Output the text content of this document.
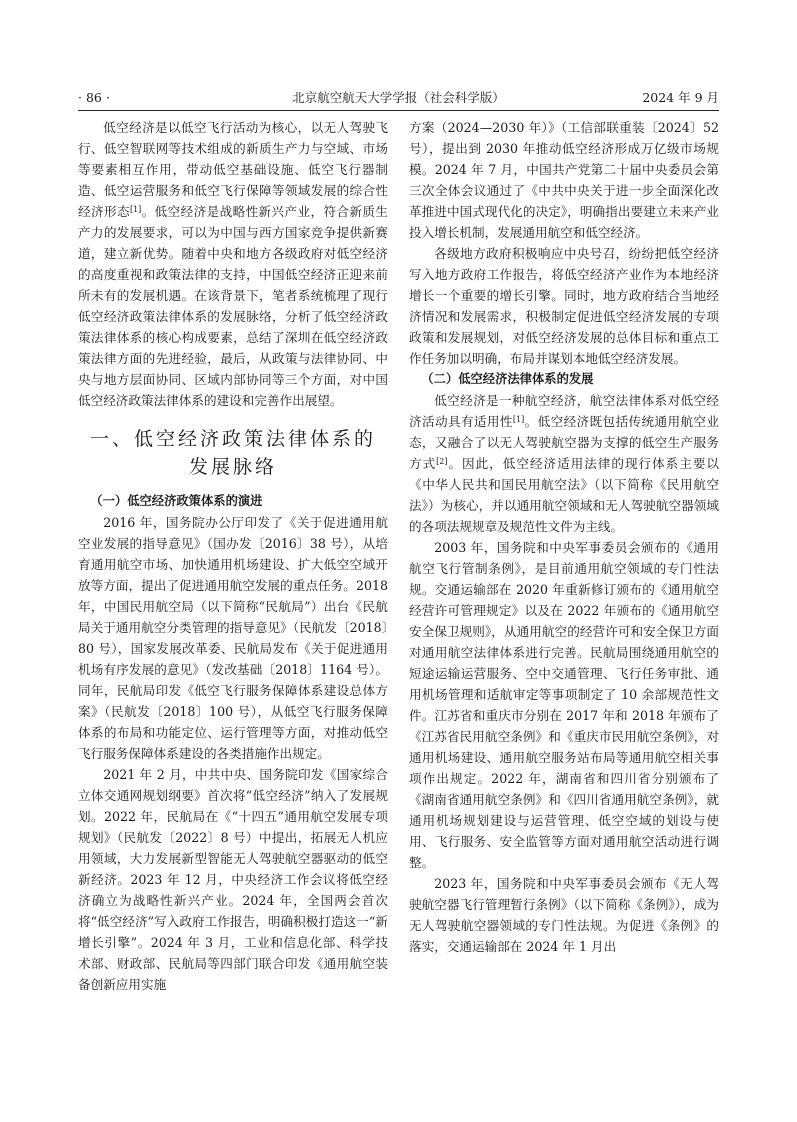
· 86 ·	北京航空航天大学学报（社会科学版）	2024 年 9 月

低空经济是以低空飞行活动为核心，以无人驾驶飞行、低空智联网等技术组成的新质生产力与空域、市场等要素相互作用，带动低空基础设施、低空飞行器制造、低空运营服务和低空飞行保障等领域发展的综合性经济形态[1]。低空经济是战略性新兴产业，符合新质生产力的发展要求，可以为中国与西方国家竞争提供新赛道，建立新优势。随着中央和地方各级政府对低空经济的高度重视和政策法律的支持，中国低空经济正迎来前所未有的发展机遇。在该背景下，笔者系统梳理了现行低空经济政策法律体系的发展脉络，分析了低空经济政策法律体系的核心构成要素，总结了深圳在低空经济政策法律方面的先进经验，最后，从政策与法律协同、中央与地方层面协同、区域内部协同等三个方面，对中国低空经济政策法律体系的建设和完善作出展望。

一、低空经济政策法律体系的
发展脉络
（一）低空经济政策体系的演进

2016 年，国务院办公厅印发了《关于促进通用航空业发展的指导意见》（国办发〔2016〕38 号），从培育通用航空市场、加快通用机场建设、扩大低空空域开放等方面，提出了促进通用航空发展的重点任务。2018 年，中国民用航空局（以下简称“民航局”）出台《民航局关于通用航空分类管理的指导意见》（民航发〔2018〕80 号），国家发展改革委、民航局发布《关于促进通用机场有序发展的意见》（发改基础〔2018〕1164 号）。同年，民航局印发《低空飞行服务保障体系建设总体方案》（民航发〔2018〕100 号），从低空飞行服务保障体系的布局和功能定位、运行管理等方面，对推动低空飞行服务保障体系建设的各类措施作出规定。

2021 年 2 月，中共中央、国务院印发《国家综合立体交通网规划纲要》首次将“低空经济”纳入了发展规划。2022 年，民航局在《“十四五”通用航空发展专项规划》（民航发〔2022〕8 号）中提出，拓展无人机应用领域，大力发展新型智能无人驾驶航空器驱动的低空新经济。2023 年 12 月，中央经济工作会议将低空经济确立为战略性新兴产业。2024 年，全国两会首次将“低空经济”写入政府工作报告，明确积极打造这一“新增长引擎”。2024 年 3 月，工业和信息化部、科学技术部、财政部、民航局等四部门联合印发《通用航空装备创新应用实施

方案（2024—2030 年）》（工信部联重装〔2024〕52 号），提出到 2030 年推动低空经济形成万亿级市场规模。2024 年 7 月，中国共产党第二十届中央委员会第三次全体会议通过了《中共中央关于进一步全面深化改革推进中国式现代化的决定》，明确指出要建立未来产业投入增长机制，发展通用航空和低空经济。

各级地方政府积极响应中央号召，纷纷把低空经济写入地方政府工作报告，将低空经济产业作为本地经济增长一个重要的增长引擎。同时，地方政府结合当地经济情况和发展需求，积极制定促进低空经济发展的专项政策和发展规划，对低空经济发展的总体目标和重点工作任务加以明确，布局并谋划本地低空经济发展。

（二）低空经济法律体系的发展

低空经济是一种航空经济，航空法律体系对低空经济活动具有适用性[1]。低空经济既包括传统通用航空业态，又融合了以无人驾驶航空器为支撑的低空生产服务方式[2]。因此，低空经济适用法律的现行体系主要以《中华人民共和国民用航空法》（以下简称《民用航空法》）为核心，并以通用航空领域和无人驾驶航空器领域的各项法规规章及规范性文件为主线。

2003 年，国务院和中央军事委员会颁布的《通用航空飞行管制条例》，是目前通用航空领域的专门性法规。交通运输部在 2020 年重新修订颁布的《通用航空经营许可管理规定》以及在 2022 年颁布的《通用航空安全保卫规则》，从通用航空的经营许可和安全保卫方面对通用航空法律体系进行完善。民航局围绕通用航空的短途运输运营服务、空中交通管理、飞行任务审批、通用机场管理和适航审定等事项制定了 10 余部规范性文件。江苏省和重庆市分别在 2017 年和 2018 年颁布了《江苏省民用航空条例》和《重庆市民用航空条例》，对通用机场建设、通用航空服务站布局等通用航空相关事项作出规定。2022 年，湖南省和四川省分别颁布了《湖南省通用航空条例》和《四川省通用航空条例》，就通用机场规划建设与运营管理、低空空域的划设与使用、飞行服务、安全监管等方面对通用航空活动进行调整。

2023 年，国务院和中央军事委员会颁布《无人驾驶航空器飞行管理暂行条例》（以下简称《条例》），成为无人驾驶航空器领域的专门性法规。为促进《条例》的落实，交通运输部在 2024 年 1 月出
